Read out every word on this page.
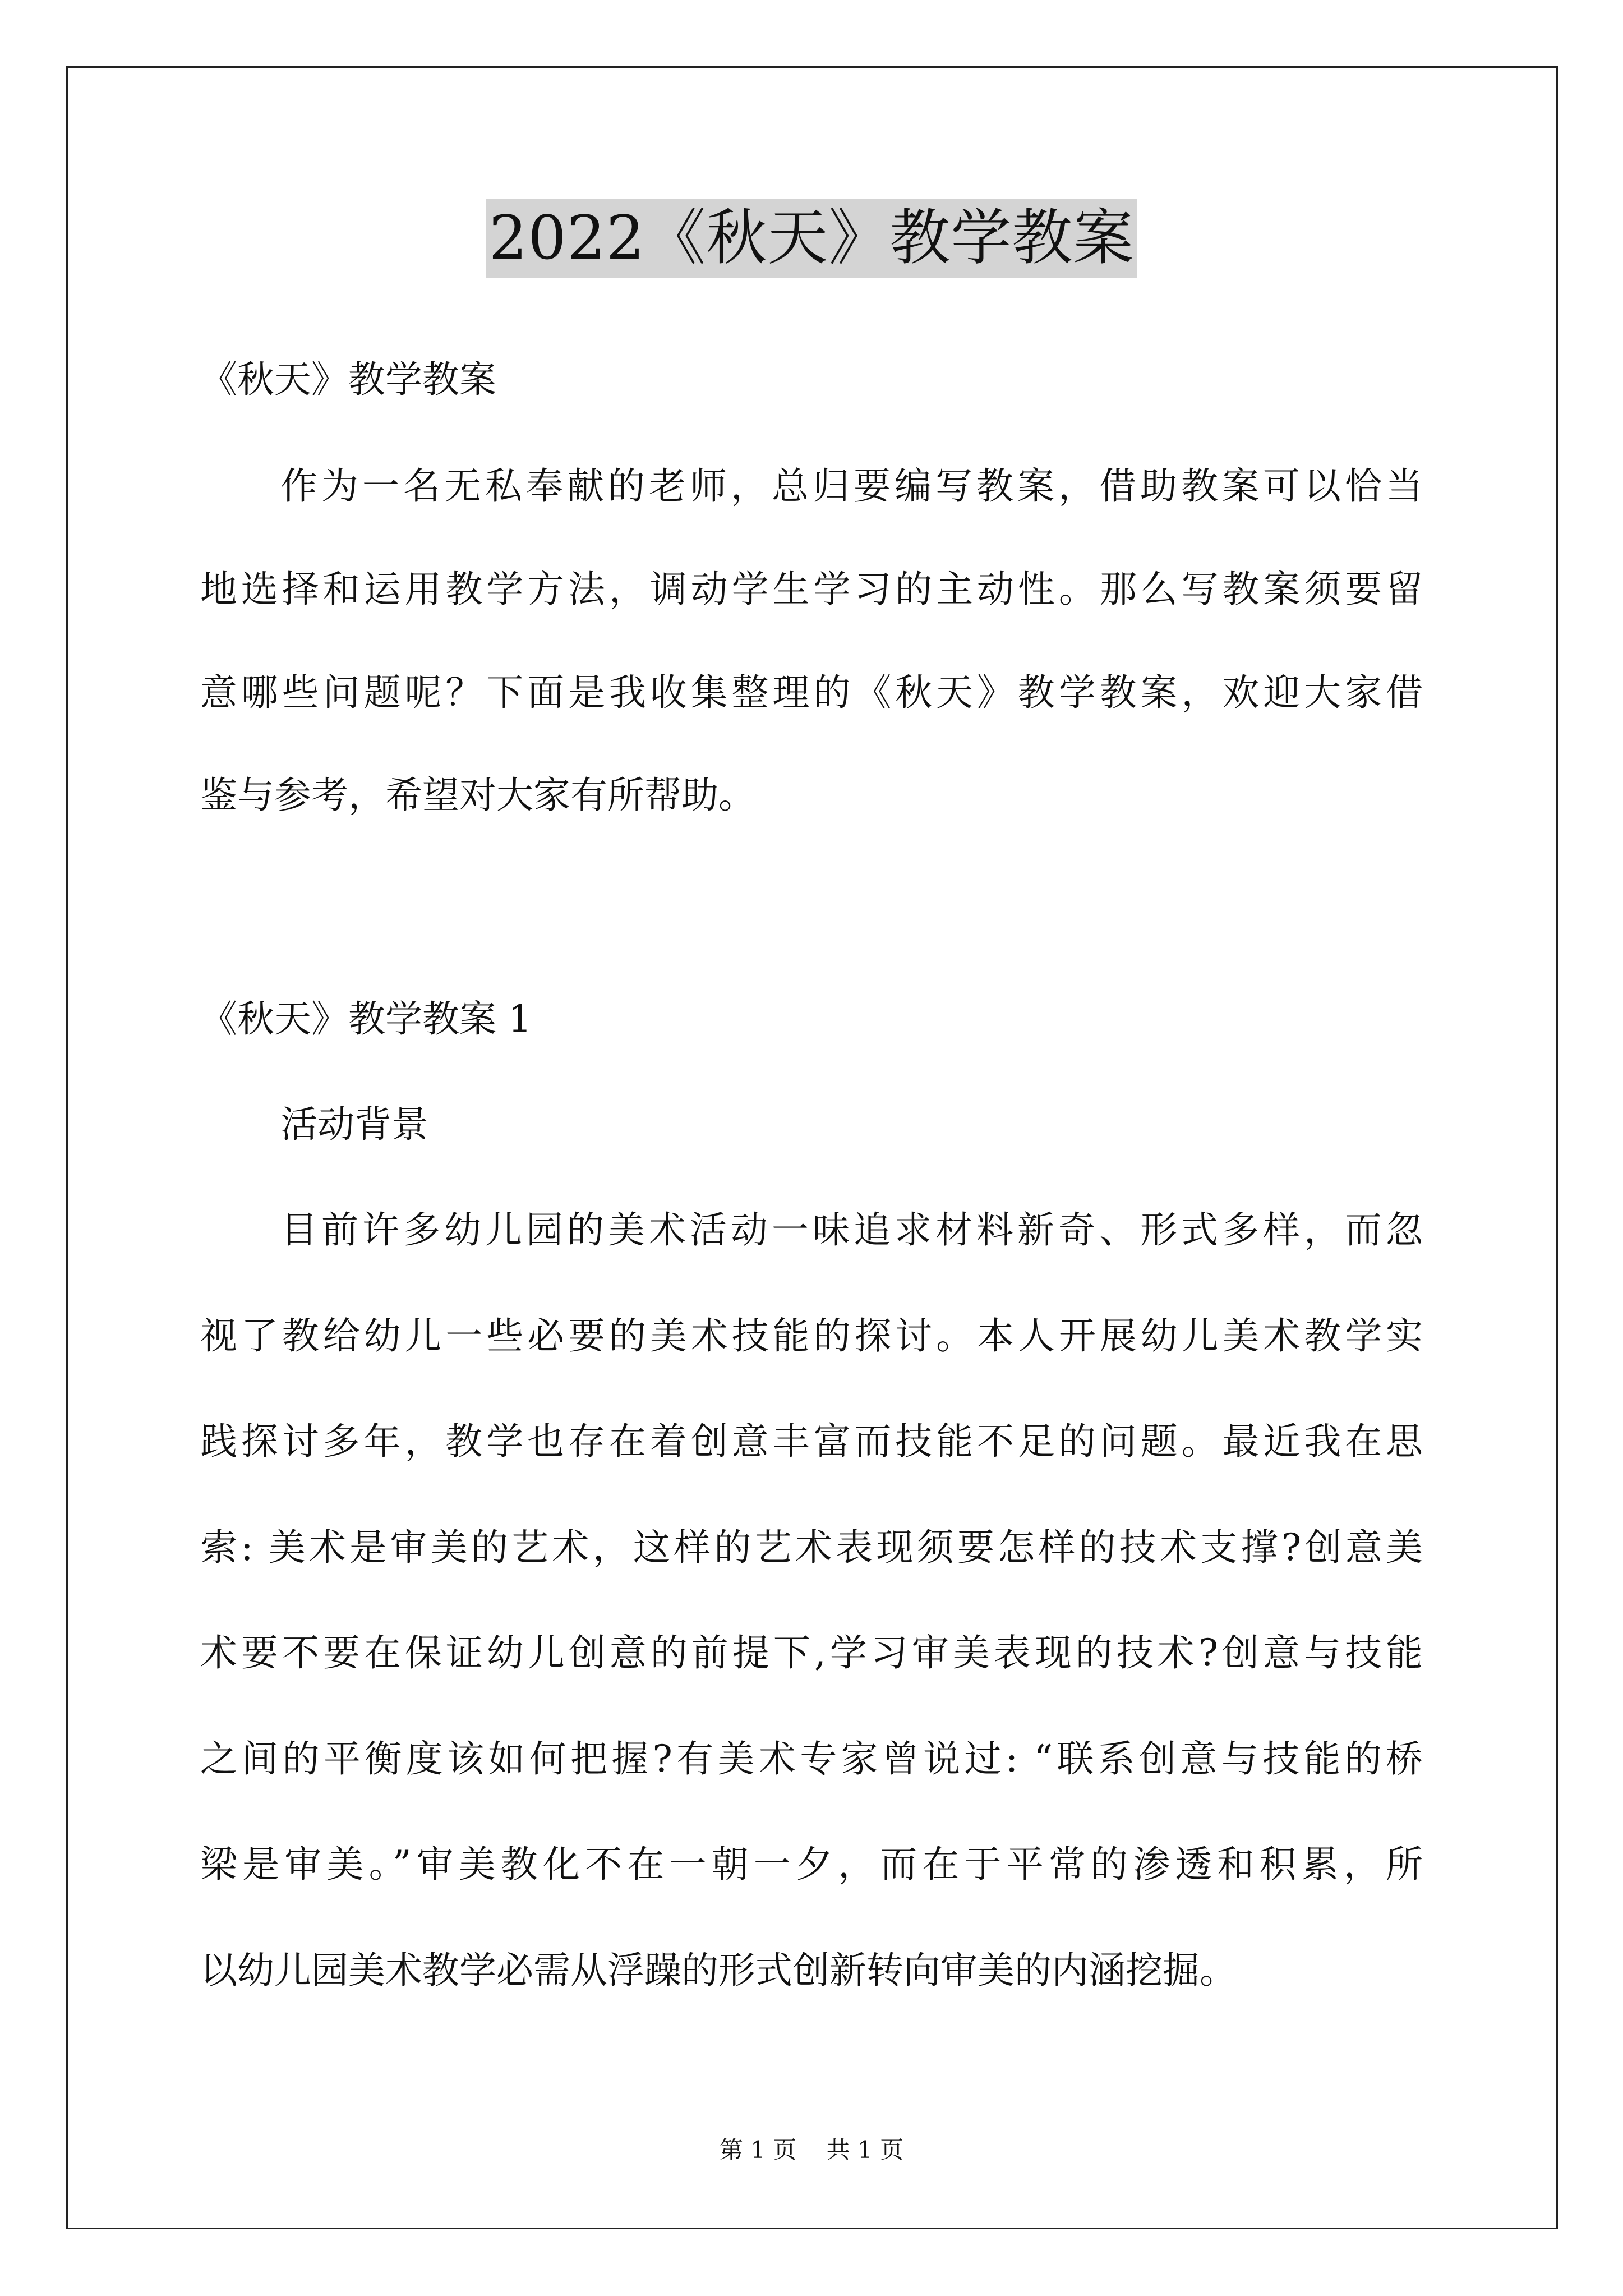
2022《秋天》教学教案
《秋天》教学教案
作为一名无私奉献的老师，总归要编写教案，借助教案可以恰当
地选择和运用教学方法，调动学生学习的主动性。那么写教案须要留
意哪些问题呢？下面是我收集整理的《秋天》教学教案，欢迎大家借
鉴与参考，希望对大家有所帮助。
《秋天》教学教案 1
活动背景
目前许多幼儿园的美术活动一味追求材料新奇、形式多样，而忽
视了教给幼儿一些必要的美术技能的探讨。本人开展幼儿美术教学实
践探讨多年，教学也存在着创意丰富而技能不足的问题。最近我在思
索: 美术是审美的艺术，这样的艺术表现须要怎样的技术支撑?创意美
术要不要在保证幼儿创意的前提下,学习审美表现的技术?创意与技能
之间的平衡度该如何把握?有美术专家曾说过: “联系创意与技能的桥
梁是审美。”审美教化不在一朝一夕，而在于平常的渗透和积累，所
以幼儿园美术教学必需从浮躁的形式创新转向审美的内涵挖掘。
第 1 页    共 1 页
